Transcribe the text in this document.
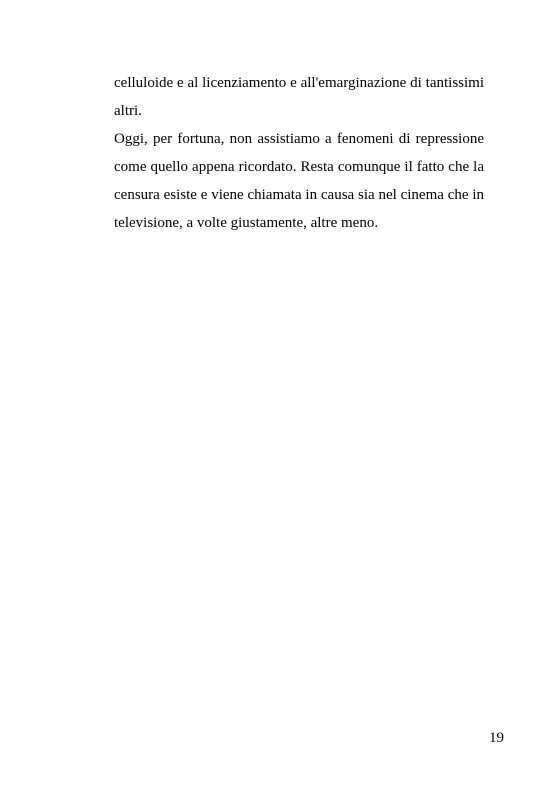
celluloide e al licenziamento e all'emarginazione di tantissimi altri.

Oggi, per fortuna, non assistiamo a fenomeni di repressione come quello appena ricordato. Resta comunque il fatto che la censura esiste e viene chiamata in causa sia nel cinema che in televisione, a volte giustamente, altre meno.

19
